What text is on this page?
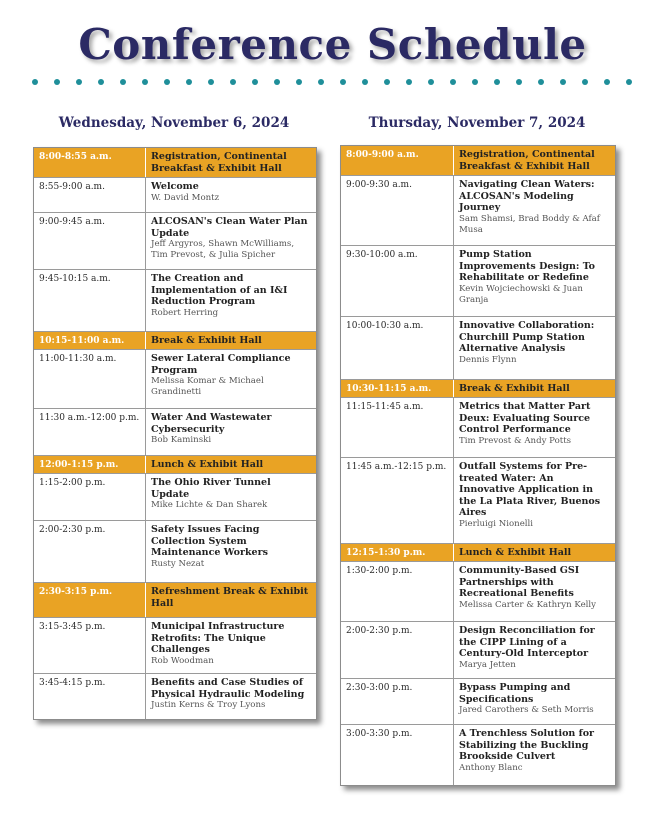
Conference Schedule
Wednesday, November 6, 2024	Thursday, November 7, 2024
8:00-8:55 a.m.	Registration, Continental Breakfast & Exhibit Hall
8:55-9:00 a.m.	Welcome
W. David Montz
9:00-9:45 a.m.	ALCOSAN's Clean Water Plan Update
Jeff Argyros, Shawn McWilliams, Tim Prevost, & Julia Spicher
9:45-10:15 a.m.	The Creation and Implementation of an I&I Reduction Program
Robert Herring
10:15-11:00 a.m.	Break & Exhibit Hall
11:00-11:30 a.m.	Sewer Lateral Compliance Program
Melissa Komar & Michael Grandinetti
11:30 a.m.-12:00 p.m.	Water And Wastewater Cybersecurity
Bob Kaminski
12:00-1:15 p.m.	Lunch & Exhibit Hall
1:15-2:00 p.m.	The Ohio River Tunnel Update
Mike Lichte & Dan Sharek
2:00-2:30 p.m.	Safety Issues Facing Collection System Maintenance Workers
Rusty Nezat
2:30-3:15 p.m.	Refreshment Break & Exhibit Hall
3:15-3:45 p.m.	Municipal Infrastructure Retrofits: The Unique Challenges
Rob Woodman
3:45-4:15 p.m.	Benefits and Case Studies of Physical Hydraulic Modeling
Justin Kerns & Troy Lyons
8:00-9:00 a.m.	Registration, Continental Breakfast & Exhibit Hall
9:00-9:30 a.m.	Navigating Clean Waters: ALCOSAN's Modeling Journey
Sam Shamsi, Brad Boddy & Afaf Musa
9:30-10:00 a.m.	Pump Station Improvements Design: To Rehabilitate or Redefine
Kevin Wojciechowski & Juan Granja
10:00-10:30 a.m.	Innovative Collaboration: Churchill Pump Station Alternative Analysis
Dennis Flynn
10:30-11:15 a.m.	Break & Exhibit Hall
11:15-11:45 a.m.	Metrics that Matter Part Deux: Evaluating Source Control Performance
Tim Prevost & Andy Potts
11:45 a.m.-12:15 p.m.	Outfall Systems for Pre-treated Water: An Innovative Application in the La Plata River, Buenos Aires
Pierluigi Nionelli
12:15-1:30 p.m.	Lunch & Exhibit Hall
1:30-2:00 p.m.	Community-Based GSI Partnerships with Recreational Benefits
Melissa Carter & Kathryn Kelly
2:00-2:30 p.m.	Design Reconciliation for the CIPP Lining of a Century-Old Interceptor
Marya Jetten
2:30-3:00 p.m.	Bypass Pumping and Specifications
Jared Carothers & Seth Morris
3:00-3:30 p.m.	A Trenchless Solution for Stabilizing the Buckling Brookside Culvert
Anthony Blanc
